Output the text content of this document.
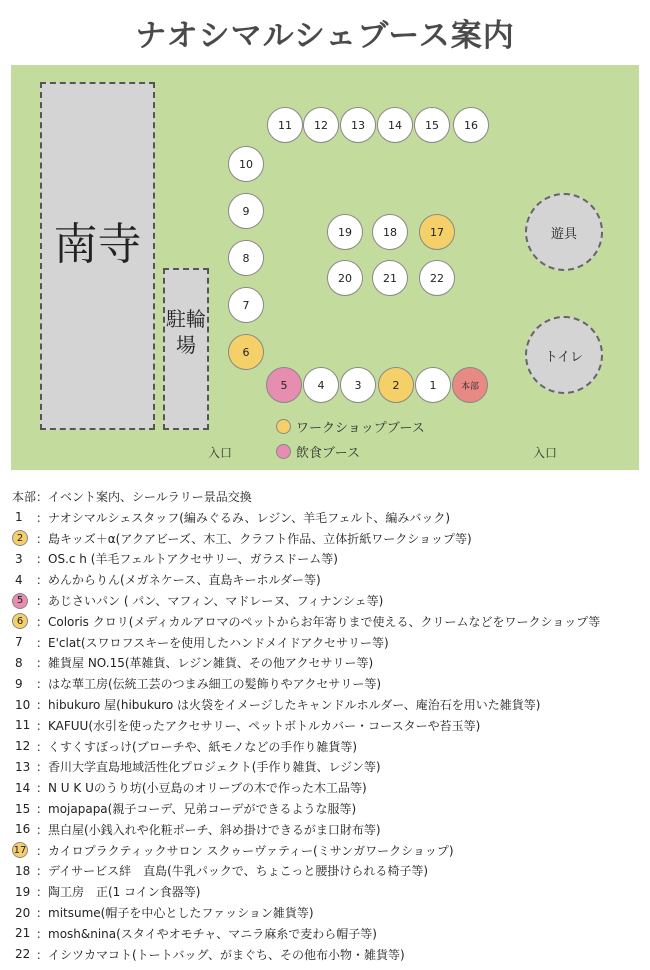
ナオシマルシェブース案内
南寺
駐輪場
11	12	13	14	15	16
10
9
8
7
6
19	18	17
20	21	22
5	4	3	2	1	本部
遊具
トイレ
ワークショップブース
飲食ブース
入口	入口
本部：イベント案内、シールラリー景品交換
1 ： ナオシマルシェスタッフ(編みぐるみ、レジン、羊毛フェルト、編みバック)
2	： 島キッズ＋α(アクアビーズ、木工、クラフト作品、立体折紙ワークショップ等)
3 ： OS.c h (羊毛フェルトアクセサリー、ガラスドーム等)
4 ： めんからりん(メガネケース、直島キーホルダー等)
5	： あじさいパン ( パン、マフィン、マドレーヌ、フィナンシェ等)
6	： Coloris クロリ(メディカルアロマのペットからお年寄りまで使える、クリームなどをワークショップ等
7 ： E'clat(スワロフスキーを使用したハンドメイドアクセサリー等)
8 ： 雑貨屋 NO.15(革雑貨、レジン雑貨、その他アクセサリー等)
9 ： はな華工房(伝統工芸のつまみ細工の髪飾りやアクセサリー等)
10 ： hibukuro 屋(hibukuro は火袋をイメージしたキャンドルホルダー、庵治石を用いた雑貨等)
11 ： KAFUU(水引を使ったアクセサリー、ペットボトルカバー・コースターや苔玉等)
12 ： くすくすぼっけ(ブローチや、紙モノなどの手作り雑貨等)
13 ： 香川大学直島地域活性化プロジェクト(手作り雑貨、レジン等)
14 ： N U K Uのうり坊(小豆島のオリーブの木で作った木工品等)
15 ： mojapapa(親子コーデ、兄弟コーデができるような服等)
16 ： 黒白屋(小銭入れや化粧ポーチ、斜め掛けできるがま口財布等)
17 ： カイロプラクティックサロン スクゥーヴァティー(ミサンガワークショップ)
18 ： デイサービス絆　直島(牛乳パックで、ちょこっと腰掛けられる椅子等)
19 ： 陶工房　正(1 コイン食器等)
20 ： mitsume(帽子を中心としたファッション雑貨等)
21 ： mosh&nina(スタイやオモチャ、マニラ麻糸で麦わら帽子等)
22 ： イシツカマコト(トートバッグ、がまぐち、その他布小物・雑貨等)
